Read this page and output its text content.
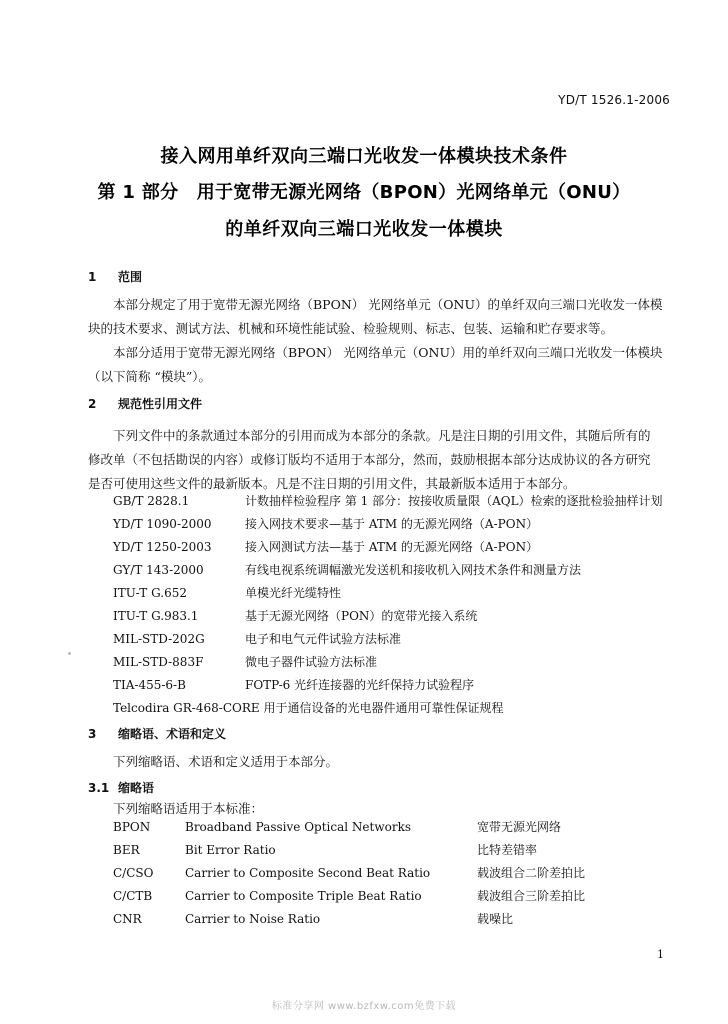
YD/T 1526.1-2006
接入网用单纤双向三端口光收发一体模块技术条件
第 1 部分　用于宽带无源光网络（BPON）光网络单元（ONU）
的单纤双向三端口光收发一体模块
1 范围
本部分规定了用于宽带无源光网络（BPON） 光网络单元（ONU）的单纤双向三端口光收发一体模
块的技术要求、测试方法、机械和环境性能试验、检验规则、标志、包装、运输和贮存要求等。
本部分适用于宽带无源光网络（BPON） 光网络单元（ONU）用的单纤双向三端口光收发一体模块
（以下简称 “模块”）。
2 规范性引用文件
下列文件中的条款通过本部分的引用而成为本部分的条款。凡是注日期的引用文件，其随后所有的
修改单（不包括勘误的内容）或修订版均不适用于本部分，然而，鼓励根据本部分达成协议的各方研究
是否可使用这些文件的最新版本。凡是不注日期的引用文件，其最新版本适用于本部分。
GB/T 2828.1	计数抽样检验程序 第 1 部分：按接收质量限（AQL）检索的逐批检验抽样计划
YD/T 1090-2000	接入网技术要求—基于 ATM 的无源光网络（A-PON）
YD/T 1250-2003	接入网测试方法—基于 ATM 的无源光网络（A-PON）
GY/T 143-2000	有线电视系统调幅激光发送机和接收机入网技术条件和测量方法
ITU-T G.652	单模光纤光缆特性
ITU-T G.983.1	基于无源光网络（PON）的宽带光接入系统
MIL-STD-202G	电子和电气元件试验方法标准
MIL-STD-883F	微电子器件试验方法标准
TIA-455-6-B	FOTP-6 光纤连接器的光纤保持力试验程序
Telcodira GR-468-CORE 用于通信设备的光电器件通用可靠性保证规程
3 缩略语、术语和定义
下列缩略语、术语和定义适用于本部分。
3.1 缩略语
下列缩略语适用于本标准：
BPON	Broadband Passive Optical Networks	宽带无源光网络
BER	Bit Error Ratio	比特差错率
C/CSO	Carrier to Composite Second Beat Ratio	载波组合二阶差拍比
C/CTB	Carrier to Composite Triple Beat Ratio	载波组合三阶差拍比
CNR	Carrier to Noise Ratio	载噪比
1
标准分享网 www.bzfxw.com免费下载
